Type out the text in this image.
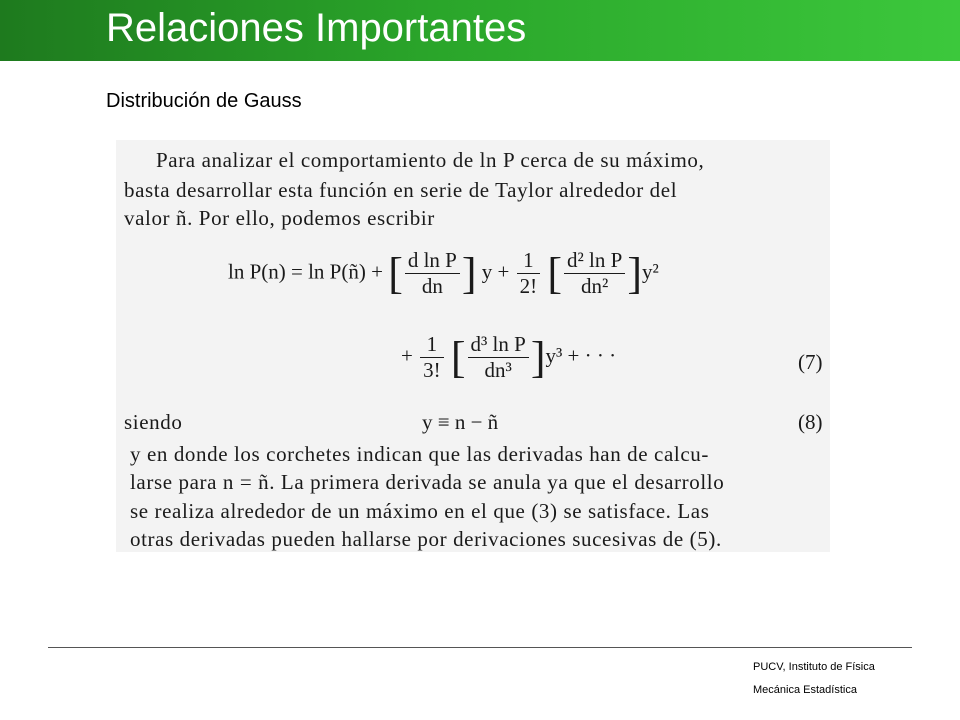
Relaciones Importantes
Distribución de Gauss
Para analizar el comportamiento de ln P cerca de su máximo,
basta desarrollar esta función en serie de Taylor alrededor del
valor ñ. Por ello, podemos escribir
ln P(n) = ln P(ñ) + [ $\frac{\text{d ln P}}{dn}$ ] $y + \frac{1}{2!}$ [ $\frac{\text{d² ln P}}{\text{dn²}} ]y^2$
+ $\frac{1}{3!}$ [ $\frac{\text{d³ ln P}}{\text{dn³}} ]y^3$ + · · ·	(7)
siendo	y ≡ n − ñ	(8)
y en donde los corchetes indican que las derivadas han de calcu-
larse para n = ñ. La primera derivada se anula ya que el desarrollo
se realiza alrededor de un máximo en el que (3) se satisface. Las
otras derivadas pueden hallarse por derivaciones sucesivas de (5).
PUCV, Instituto de Física
Mecánica Estadística
